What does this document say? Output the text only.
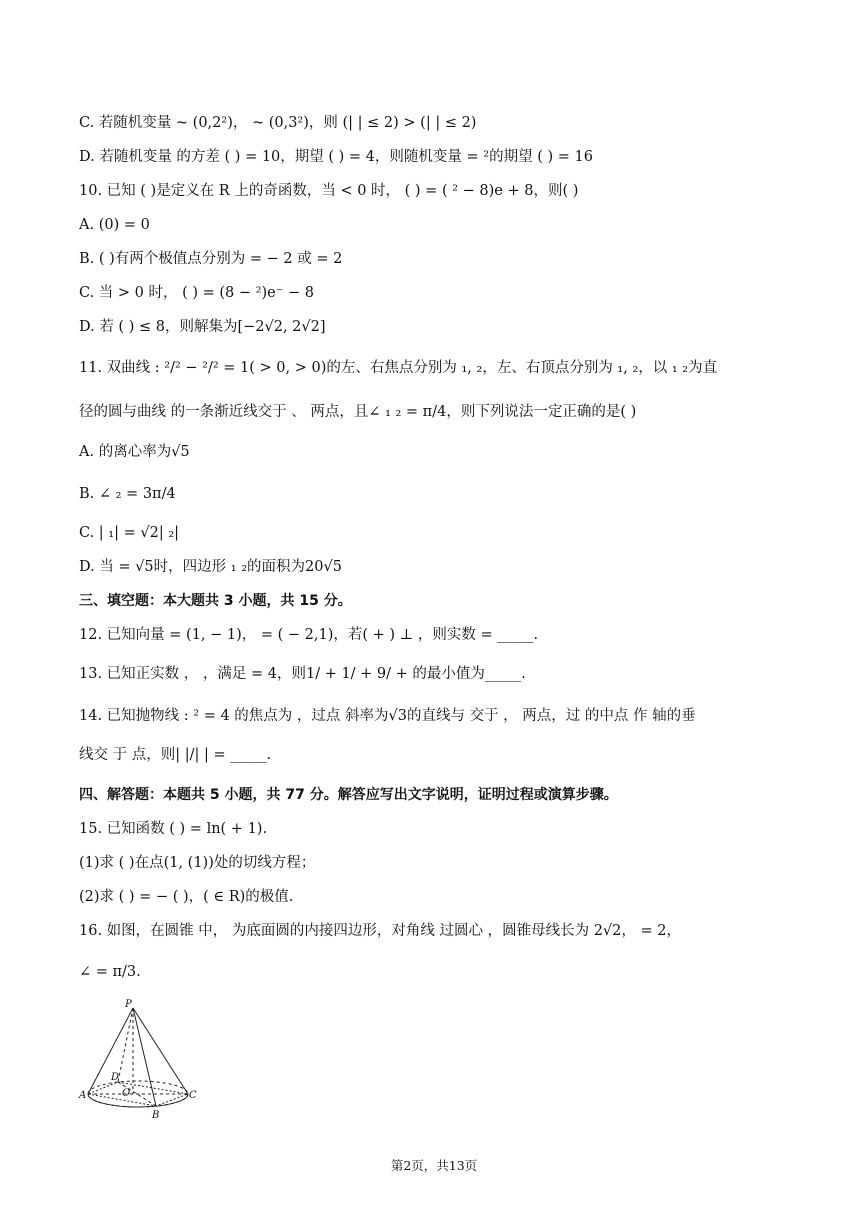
C. 若随机变量 ~ (0,2²)， ~ (0,3²)，则 (| | ≤ 2) > (| | ≤ 2)
D. 若随机变量 的方差 ( ) = 10，期望 ( ) = 4，则随机变量 = ²的期望 ( ) = 16
10. 已知 ( )是定义在 R 上的奇函数，当 < 0 时， ( ) = ( ² − 8)e + 8，则( )
A. (0) = 0
B. ( )有两个极值点分别为 = − 2 或 = 2
C. 当 > 0 时， ( ) = (8 − ²)e⁻ − 8
D. 若 ( ) ≤ 8，则解集为[−2√2, 2√2]
11. 双曲线 : ²/² − ²/² = 1( > 0, > 0)的左、右焦点分别为 ₁, ₂，左、右顶点分别为 ₁, ₂，以 ₁ ₂为直
径的圆与曲线 的一条渐近线交于 、 两点，且∠ ₁ ₂ = π/4，则下列说法一定正确的是( )
A. 的离心率为√5
B. ∠ ₂ = 3π/4
C. | ₁| = √2| ₂|
D. 当 = √5时，四边形 ₁ ₂的面积为20√5
三、填空题：本大题共 3 小题，共 15 分。
12. 已知向量 = (1, − 1)， = ( − 2,1)，若( + ) ⊥ ，则实数 = _____.
13. 已知正实数 ， ，满足 = 4，则1/ + 1/ + 9/ + 的最小值为_____.
14. 已知抛物线 : ² = 4 的焦点为 ，过点 斜率为√3的直线与 交于 ， 两点，过 的中点 作 轴的垂
线交 于 点，则| |/| | = _____.
四、解答题：本题共 5 小题，共 77 分。解答应写出文字说明，证明过程或演算步骤。
15. 已知函数 ( ) = ln( + 1).
(1)求 ( )在点(1, (1))处的切线方程；
(2)求 ( ) = − ( )，( ∈ R)的极值.
16. 如图，在圆锥 中， 为底面圆的内接四边形，对角线 过圆心 ，圆锥母线长为 2√2， = 2，
∠ = π/3.
P
D
O
A	C
B
第2页，共13页
